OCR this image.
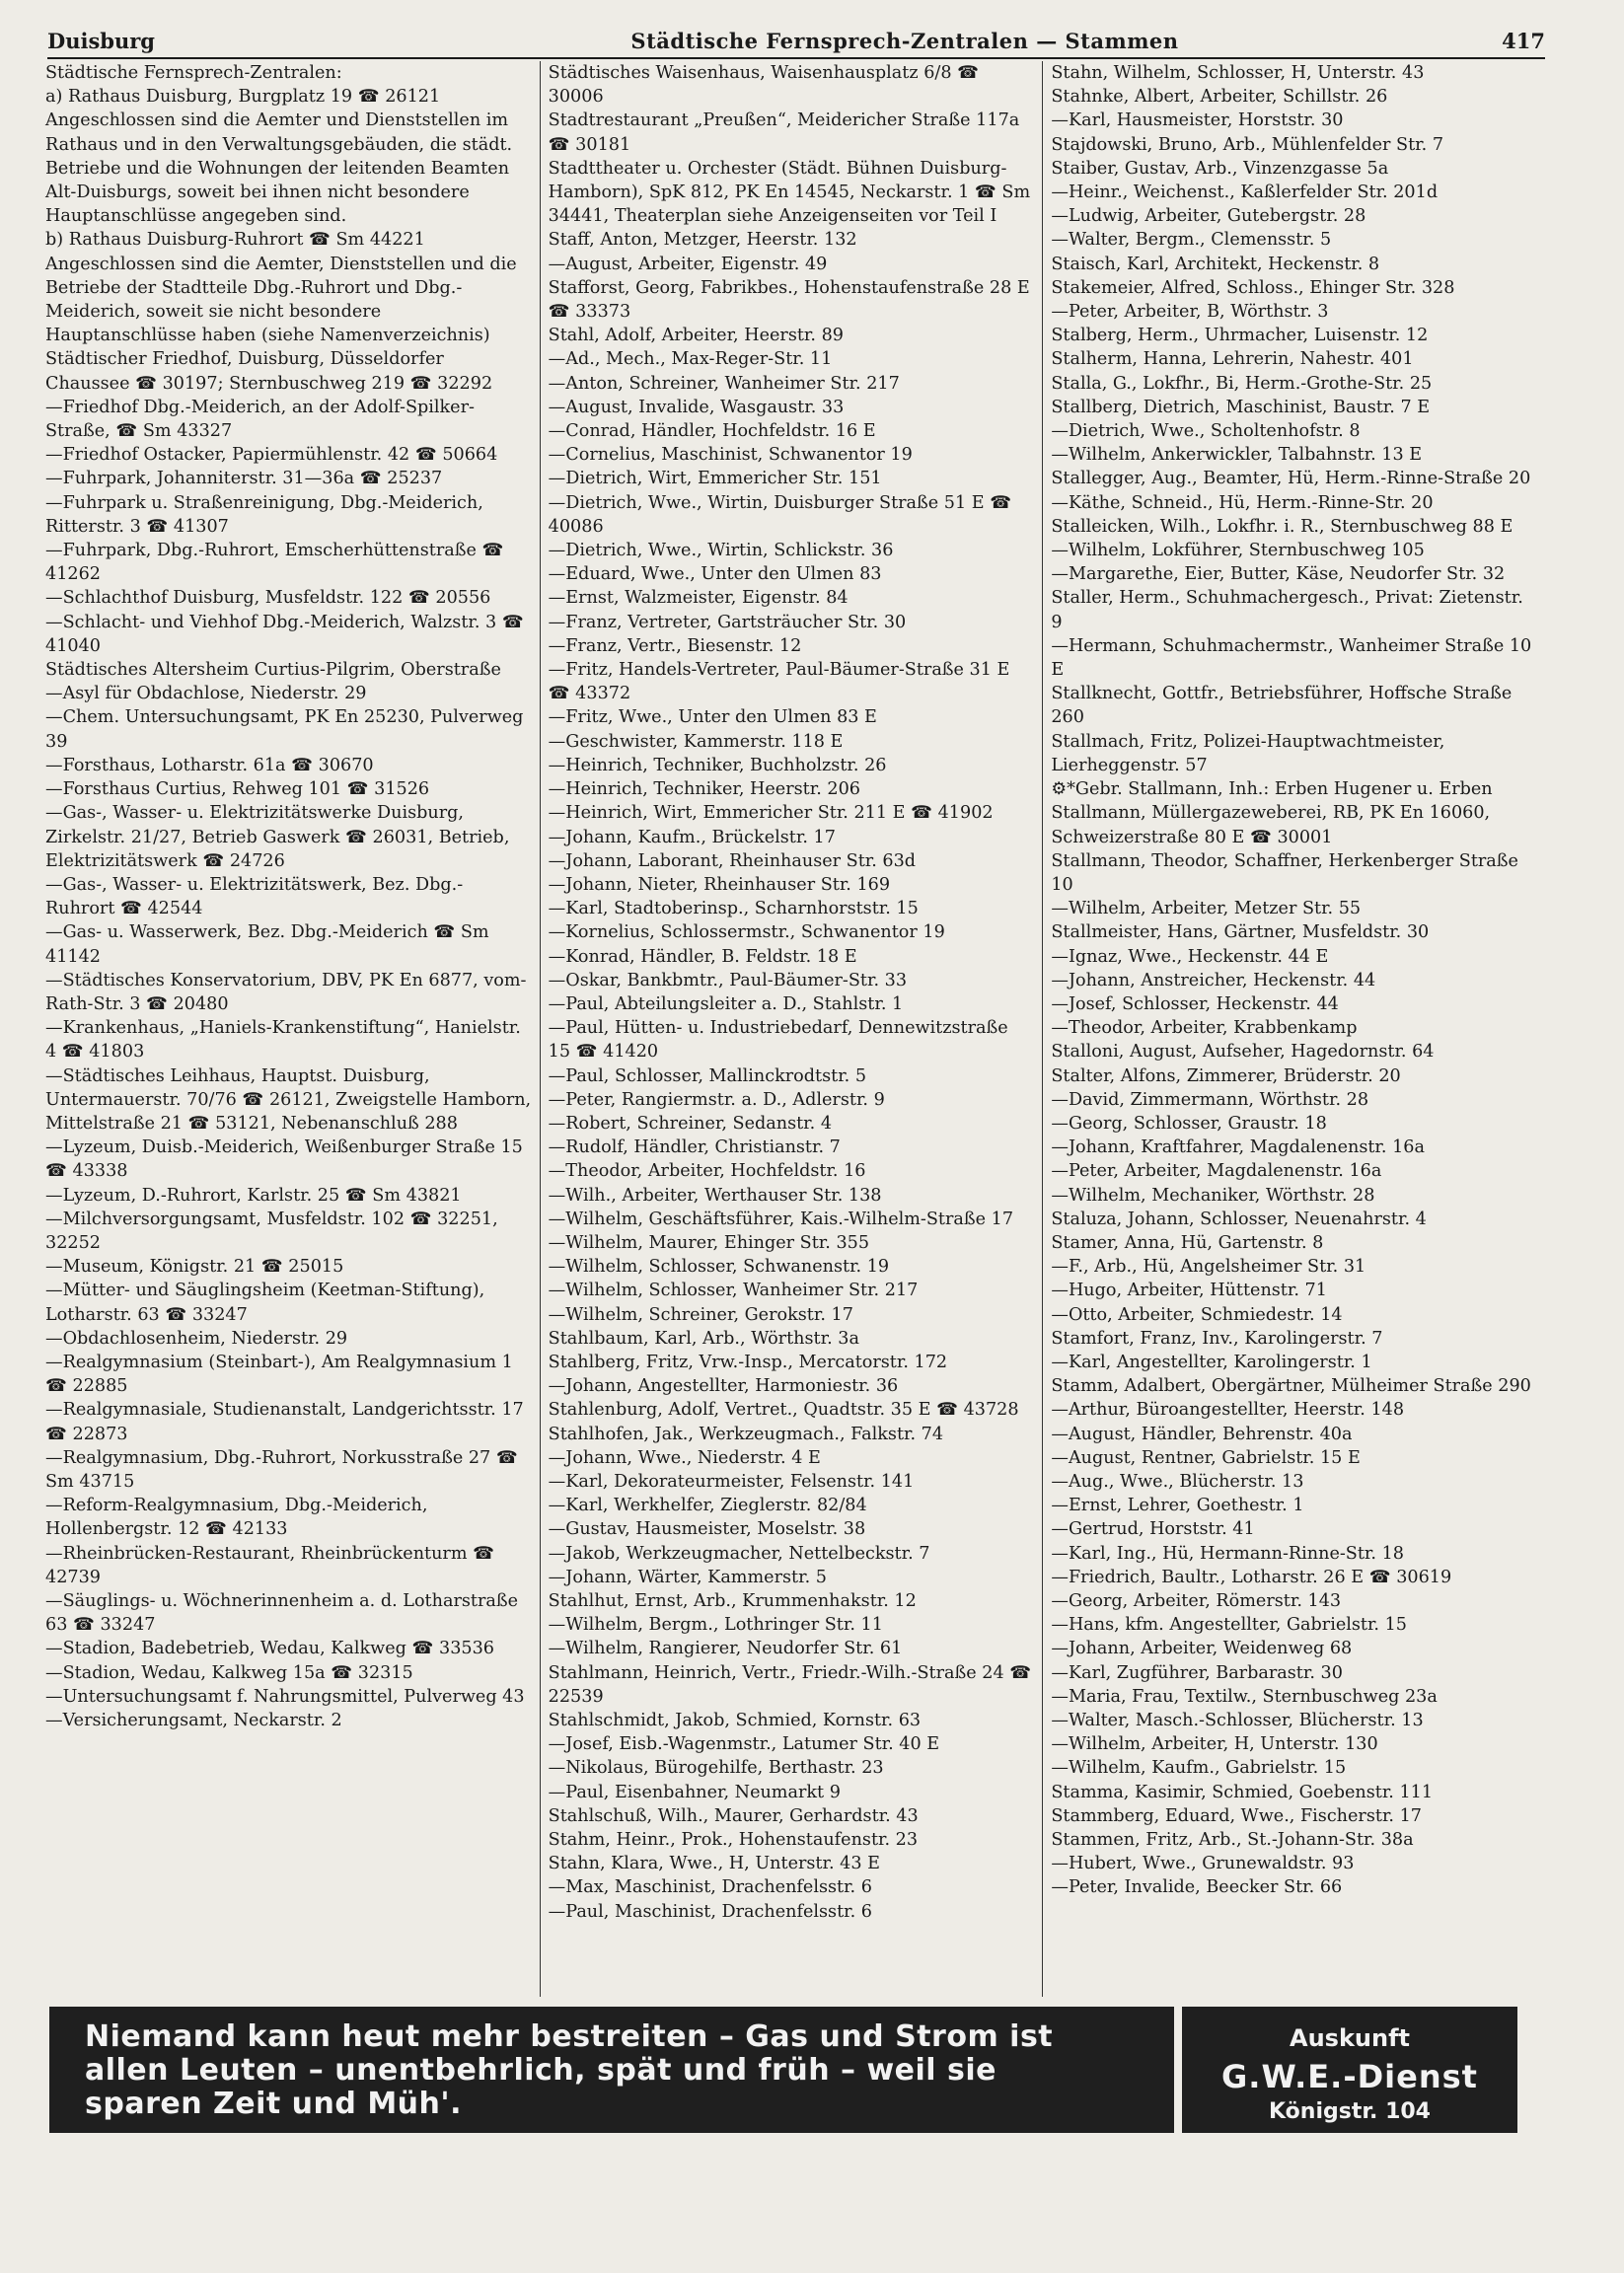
Duisburg	Städtische Fernsprech-Zentralen — Stammen	417
Städtische Fernsprech-Zentralen:
a) Rathaus Duisburg, Burgplatz 19 ☎ 26121
Angeschlossen sind die Aemter und Dienststellen im Rathaus und in den Verwaltungsgebäuden, die städt. Betriebe und die Wohnungen der leitenden Beamten Alt-Duisburgs, soweit bei ihnen nicht besondere Hauptanschlüsse angegeben sind.
b) Rathaus Duisburg-Ruhrort ☎ Sm 44221
Angeschlossen sind die Aemter, Dienststellen und die Betriebe der Stadtteile Dbg.-Ruhrort und Dbg.-Meiderich, soweit sie nicht besondere Hauptanschlüsse haben (siehe Namenverzeichnis)
Städtischer Friedhof, Duisburg, Düsseldorfer Chaussee ☎ 30197; Sternbuschweg 219 ☎ 32292
—Friedhof Dbg.-Meiderich, an der Adolf-Spilker-Straße, ☎ Sm 43327
—Friedhof Ostacker, Papiermühlenstr. 42 ☎ 50664
—Fuhrpark, Johanniterstr. 31—36a ☎ 25237
—Fuhrpark u. Straßenreinigung, Dbg.-Meiderich, Ritterstr. 3 ☎ 41307
—Fuhrpark, Dbg.-Ruhrort, Emscherhüttenstraße ☎ 41262
—Schlachthof Duisburg, Musfeldstr. 122 ☎ 20556
—Schlacht- und Viehhof Dbg.-Meiderich, Walzstr. 3 ☎ 41040
Städtisches Altersheim Curtius-Pilgrim, Oberstraße
—Asyl für Obdachlose, Niederstr. 29
—Chem. Untersuchungsamt, PK En 25230, Pulverweg 39
—Forsthaus, Lotharstr. 61a ☎ 30670
—Forsthaus Curtius, Rehweg 101 ☎ 31526
—Gas-, Wasser- u. Elektrizitätswerke Duisburg, Zirkelstr. 21/27, Betrieb Gaswerk ☎ 26031, Betrieb, Elektrizitätswerk ☎ 24726
—Gas-, Wasser- u. Elektrizitätswerk, Bez. Dbg.-Ruhrort ☎ 42544
—Gas- u. Wasserwerk, Bez. Dbg.-Meiderich ☎ Sm 41142
—Städtisches Konservatorium, DBV, PK En 6877, vom-Rath-Str. 3 ☎ 20480
—Krankenhaus, „Haniels-Krankenstiftung“, Hanielstr. 4 ☎ 41803
—Städtisches Leihhaus, Hauptst. Duisburg, Untermauerstr. 70/76 ☎ 26121, Zweigstelle Hamborn, Mittelstraße 21 ☎ 53121, Nebenanschluß 288
—Lyzeum, Duisb.-Meiderich, Weißenburger Straße 15 ☎ 43338
—Lyzeum, D.-Ruhrort, Karlstr. 25 ☎ Sm 43821
—Milchversorgungsamt, Musfeldstr. 102 ☎ 32251, 32252
—Museum, Königstr. 21 ☎ 25015
—Mütter- und Säuglingsheim (Keetman-Stiftung), Lotharstr. 63 ☎ 33247
—Obdachlosenheim, Niederstr. 29
—Realgymnasium (Steinbart-), Am Realgymnasium 1 ☎ 22885
—Realgymnasiale, Studienanstalt, Landgerichtsstr. 17 ☎ 22873
—Realgymnasium, Dbg.-Ruhrort, Norkusstraße 27 ☎ Sm 43715
—Reform-Realgymnasium, Dbg.-Meiderich, Hollenbergstr. 12 ☎ 42133
—Rheinbrücken-Restaurant, Rheinbrückenturm ☎ 42739
—Säuglings- u. Wöchnerinnenheim a. d. Lotharstraße 63 ☎ 33247
—Stadion, Badebetrieb, Wedau, Kalkweg ☎ 33536
—Stadion, Wedau, Kalkweg 15a ☎ 32315
—Untersuchungsamt f. Nahrungsmittel, Pulverweg 43
—Versicherungsamt, Neckarstr. 2
Städtisches Waisenhaus, Waisenhausplatz 6/8 ☎ 30006
Stadtrestaurant „Preußen“, Meidericher Straße 117a ☎ 30181
Stadttheater u. Orchester (Städt. Bühnen Duisburg-Hamborn), SpK 812, PK En 14545, Neckarstr. 1 ☎ Sm 34441, Theaterplan siehe Anzeigenseiten vor Teil I
Staff, Anton, Metzger, Heerstr. 132
—August, Arbeiter, Eigenstr. 49
Stafforst, Georg, Fabrikbes., Hohenstaufenstraße 28 E ☎ 33373
Stahl, Adolf, Arbeiter, Heerstr. 89
—Ad., Mech., Max-Reger-Str. 11
—Anton, Schreiner, Wanheimer Str. 217
—August, Invalide, Wasgaustr. 33
—Conrad, Händler, Hochfeldstr. 16 E
—Cornelius, Maschinist, Schwanentor 19
—Dietrich, Wirt, Emmericher Str. 151
—Dietrich, Wwe., Wirtin, Duisburger Straße 51 E ☎ 40086
—Dietrich, Wwe., Wirtin, Schlickstr. 36
—Eduard, Wwe., Unter den Ulmen 83
—Ernst, Walzmeister, Eigenstr. 84
—Franz, Vertreter, Gartsträucher Str. 30
—Franz, Vertr., Biesenstr. 12
—Fritz, Handels-Vertreter, Paul-Bäumer-Straße 31 E ☎ 43372
—Fritz, Wwe., Unter den Ulmen 83 E
—Geschwister, Kammerstr. 118 E
—Heinrich, Techniker, Buchholzstr. 26
—Heinrich, Techniker, Heerstr. 206
—Heinrich, Wirt, Emmericher Str. 211 E ☎ 41902
—Johann, Kaufm., Brückelstr. 17
—Johann, Laborant, Rheinhauser Str. 63d
—Johann, Nieter, Rheinhauser Str. 169
—Karl, Stadtoberinsp., Scharnhorststr. 15
—Kornelius, Schlossermstr., Schwanentor 19
—Konrad, Händler, B. Feldstr. 18 E
—Oskar, Bankbmtr., Paul-Bäumer-Str. 33
—Paul, Abteilungsleiter a. D., Stahlstr. 1
—Paul, Hütten- u. Industriebedarf, Dennewitzstraße 15 ☎ 41420
—Paul, Schlosser, Mallinckrodtstr. 5
—Peter, Rangiermstr. a. D., Adlerstr. 9
—Robert, Schreiner, Sedanstr. 4
—Rudolf, Händler, Christianstr. 7
—Theodor, Arbeiter, Hochfeldstr. 16
—Wilh., Arbeiter, Werthauser Str. 138
—Wilhelm, Geschäftsführer, Kais.-Wilhelm-Straße 17
—Wilhelm, Maurer, Ehinger Str. 355
—Wilhelm, Schlosser, Schwanenstr. 19
—Wilhelm, Schlosser, Wanheimer Str. 217
—Wilhelm, Schreiner, Gerokstr. 17
Stahlbaum, Karl, Arb., Wörthstr. 3a
Stahlberg, Fritz, Vrw.-Insp., Mercatorstr. 172
—Johann, Angestellter, Harmoniestr. 36
Stahlenburg, Adolf, Vertret., Quadtstr. 35 E ☎ 43728
Stahlhofen, Jak., Werkzeugmach., Falkstr. 74
—Johann, Wwe., Niederstr. 4 E
—Karl, Dekorateurmeister, Felsenstr. 141
—Karl, Werkhelfer, Zieglerstr. 82/84
—Gustav, Hausmeister, Moselstr. 38
—Jakob, Werkzeugmacher, Nettelbeckstr. 7
—Johann, Wärter, Kammerstr. 5
Stahlhut, Ernst, Arb., Krummenhakstr. 12
—Wilhelm, Bergm., Lothringer Str. 11
—Wilhelm, Rangierer, Neudorfer Str. 61
Stahlmann, Heinrich, Vertr., Friedr.-Wilh.-Straße 24 ☎ 22539
Stahlschmidt, Jakob, Schmied, Kornstr. 63
—Josef, Eisb.-Wagenmstr., Latumer Str. 40 E
—Nikolaus, Bürogehilfe, Berthastr. 23
—Paul, Eisenbahner, Neumarkt 9
Stahlschuß, Wilh., Maurer, Gerhardstr. 43
Stahm, Heinr., Prok., Hohenstaufenstr. 23
Stahn, Klara, Wwe., H, Unterstr. 43 E
—Max, Maschinist, Drachenfelsstr. 6
—Paul, Maschinist, Drachenfelsstr. 6
Stahn, Wilhelm, Schlosser, H, Unterstr. 43
Stahnke, Albert, Arbeiter, Schillstr. 26
—Karl, Hausmeister, Horststr. 30
Stajdowski, Bruno, Arb., Mühlenfelder Str. 7
Staiber, Gustav, Arb., Vinzenzgasse 5a
—Heinr., Weichenst., Kaßlerfelder Str. 201d
—Ludwig, Arbeiter, Gutebergstr. 28
—Walter, Bergm., Clemensstr. 5
Staisch, Karl, Architekt, Heckenstr. 8
Stakemeier, Alfred, Schloss., Ehinger Str. 328
—Peter, Arbeiter, B, Wörthstr. 3
Stalberg, Herm., Uhrmacher, Luisenstr. 12
Stalherm, Hanna, Lehrerin, Nahestr. 401
Stalla, G., Lokfhr., Bi, Herm.-Grothe-Str. 25
Stallberg, Dietrich, Maschinist, Baustr. 7 E
—Dietrich, Wwe., Scholtenhofstr. 8
—Wilhelm, Ankerwickler, Talbahnstr. 13 E
Stallegger, Aug., Beamter, Hü, Herm.-Rinne-Straße 20
—Käthe, Schneid., Hü, Herm.-Rinne-Str. 20
Stalleicken, Wilh., Lokfhr. i. R., Sternbuschweg 88 E
—Wilhelm, Lokführer, Sternbuschweg 105
—Margarethe, Eier, Butter, Käse, Neudorfer Str. 32
Staller, Herm., Schuhmachergesch., Privat: Zietenstr. 9
—Hermann, Schuhmachermstr., Wanheimer Straße 10 E
Stallknecht, Gottfr., Betriebsführer, Hoffsche Straße 260
Stallmach, Fritz, Polizei-Hauptwachtmeister, Lierheggenstr. 57
⚙*Gebr. Stallmann, Inh.: Erben Hugener u. Erben Stallmann, Müllergazeweberei, RB, PK En 16060, Schweizerstraße 80 E ☎ 30001
Stallmann, Theodor, Schaffner, Herkenberger Straße 10
—Wilhelm, Arbeiter, Metzer Str. 55
Stallmeister, Hans, Gärtner, Musfeldstr. 30
—Ignaz, Wwe., Heckenstr. 44 E
—Johann, Anstreicher, Heckenstr. 44
—Josef, Schlosser, Heckenstr. 44
—Theodor, Arbeiter, Krabbenkamp
Stalloni, August, Aufseher, Hagedornstr. 64
Stalter, Alfons, Zimmerer, Brüderstr. 20
—David, Zimmermann, Wörthstr. 28
—Georg, Schlosser, Graustr. 18
—Johann, Kraftfahrer, Magdalenenstr. 16a
—Peter, Arbeiter, Magdalenenstr. 16a
—Wilhelm, Mechaniker, Wörthstr. 28
Staluza, Johann, Schlosser, Neuenahrstr. 4
Stamer, Anna, Hü, Gartenstr. 8
—F., Arb., Hü, Angelsheimer Str. 31
—Hugo, Arbeiter, Hüttenstr. 71
—Otto, Arbeiter, Schmiedestr. 14
Stamfort, Franz, Inv., Karolingerstr. 7
—Karl, Angestellter, Karolingerstr. 1
Stamm, Adalbert, Obergärtner, Mülheimer Straße 290
—Arthur, Büroangestellter, Heerstr. 148
—August, Händler, Behrenstr. 40a
—August, Rentner, Gabrielstr. 15 E
—Aug., Wwe., Blücherstr. 13
—Ernst, Lehrer, Goethestr. 1
—Gertrud, Horststr. 41
—Karl, Ing., Hü, Hermann-Rinne-Str. 18
—Friedrich, Baultr., Lotharstr. 26 E ☎ 30619
—Georg, Arbeiter, Römerstr. 143
—Hans, kfm. Angestellter, Gabrielstr. 15
—Johann, Arbeiter, Weidenweg 68
—Karl, Zugführer, Barbarastr. 30
—Maria, Frau, Textilw., Sternbuschweg 23a
—Walter, Masch.-Schlosser, Blücherstr. 13
—Wilhelm, Arbeiter, H, Unterstr. 130
—Wilhelm, Kaufm., Gabrielstr. 15
Stamma, Kasimir, Schmied, Goebenstr. 111
Stammberg, Eduard, Wwe., Fischerstr. 17
Stammen, Fritz, Arb., St.-Johann-Str. 38a
—Hubert, Wwe., Grunewaldstr. 93
—Peter, Invalide, Beecker Str. 66
Niemand kann heut mehr bestreiten – Gas und Strom ist
allen Leuten – unentbehrlich, spät und früh – weil sie
sparen Zeit und Müh'.
Auskunft
G.W.E.-Dienst
Königstr. 104
